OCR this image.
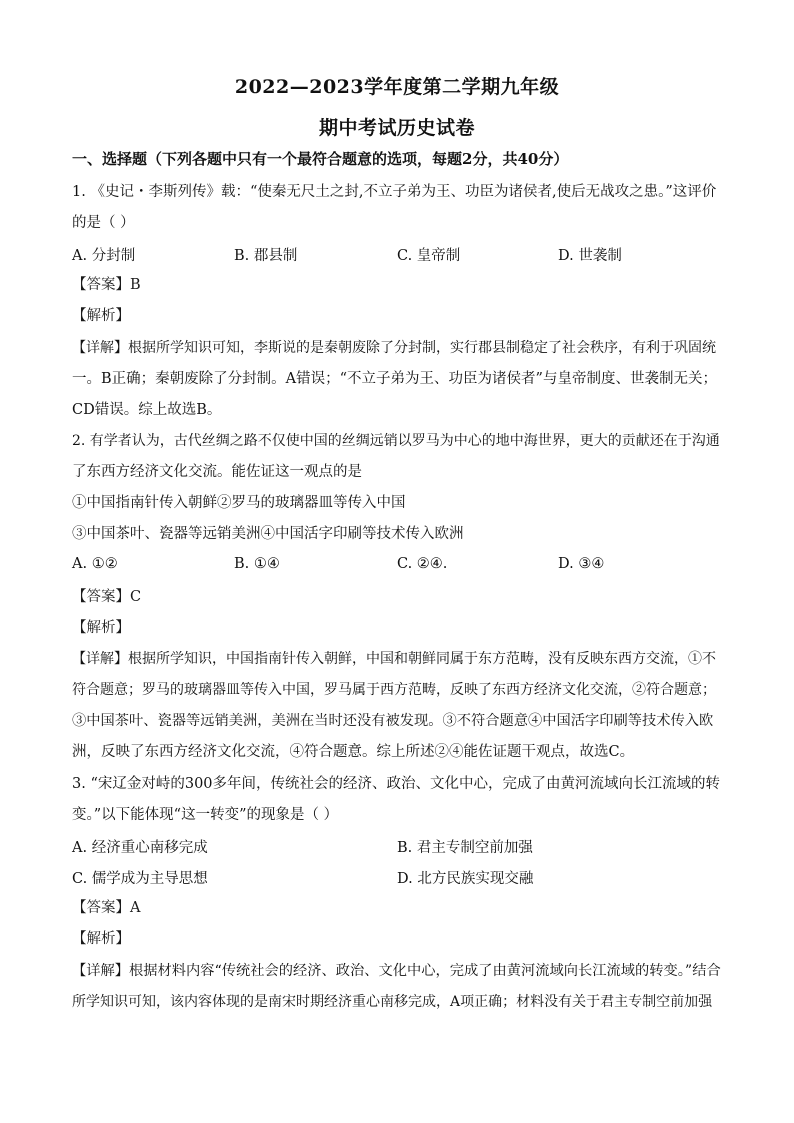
2022—2023学年度第二学期九年级
期中考试历史试卷
一、选择题（下列各题中只有一个最符合题意的选项，每题2分，共40分）
1. 《史记・李斯列传》载：“使秦无尺土之封,不立子弟为王、功臣为诸侯者,使后无战攻之患。”这评价
的是（ ）
A. 分封制	B. 郡县制	C. 皇帝制	D. 世袭制
【答案】B
【解析】
【详解】根据所学知识可知，李斯说的是秦朝废除了分封制，实行郡县制稳定了社会秩序，有利于巩固统
一。B正确；秦朝废除了分封制。A错误；“不立子弟为王、功臣为诸侯者”与皇帝制度、世袭制无关；
CD错误。综上故选B。
2. 有学者认为，古代丝绸之路不仅使中国的丝绸远销以罗马为中心的地中海世界，更大的贡献还在于沟通
了东西方经济文化交流。能佐证这一观点的是
①中国指南针传入朝鲜②罗马的玻璃器皿等传入中国
③中国茶叶、瓷器等远销美洲④中国活字印刷等技术传入欧洲
A. ①②	B. ①④	C. ②④.	D. ③④
【答案】C
【解析】
【详解】根据所学知识，中国指南针传入朝鲜，中国和朝鲜同属于东方范畴，没有反映东西方交流，①不
符合题意；罗马的玻璃器皿等传入中国，罗马属于西方范畴，反映了东西方经济文化交流，②符合题意；
③中国茶叶、瓷器等远销美洲，美洲在当时还没有被发现。③不符合题意④中国活字印刷等技术传入欧
洲，反映了东西方经济文化交流，④符合题意。综上所述②④能佐证题干观点，故选C。
3. “宋辽金对峙的300多年间，传统社会的经济、政治、文化中心，完成了由黄河流域向长江流域的转
变。”以下能体现“这一转变”的现象是（ ）
A. 经济重心南移完成	B. 君主专制空前加强
C. 儒学成为主导思想	D. 北方民族实现交融
【答案】A
【解析】
【详解】根据材料内容“传统社会的经济、政治、文化中心，完成了由黄河流域向长江流域的转变。”结合
所学知识可知，该内容体现的是南宋时期经济重心南移完成，A项正确；材料没有关于君主专制空前加强
